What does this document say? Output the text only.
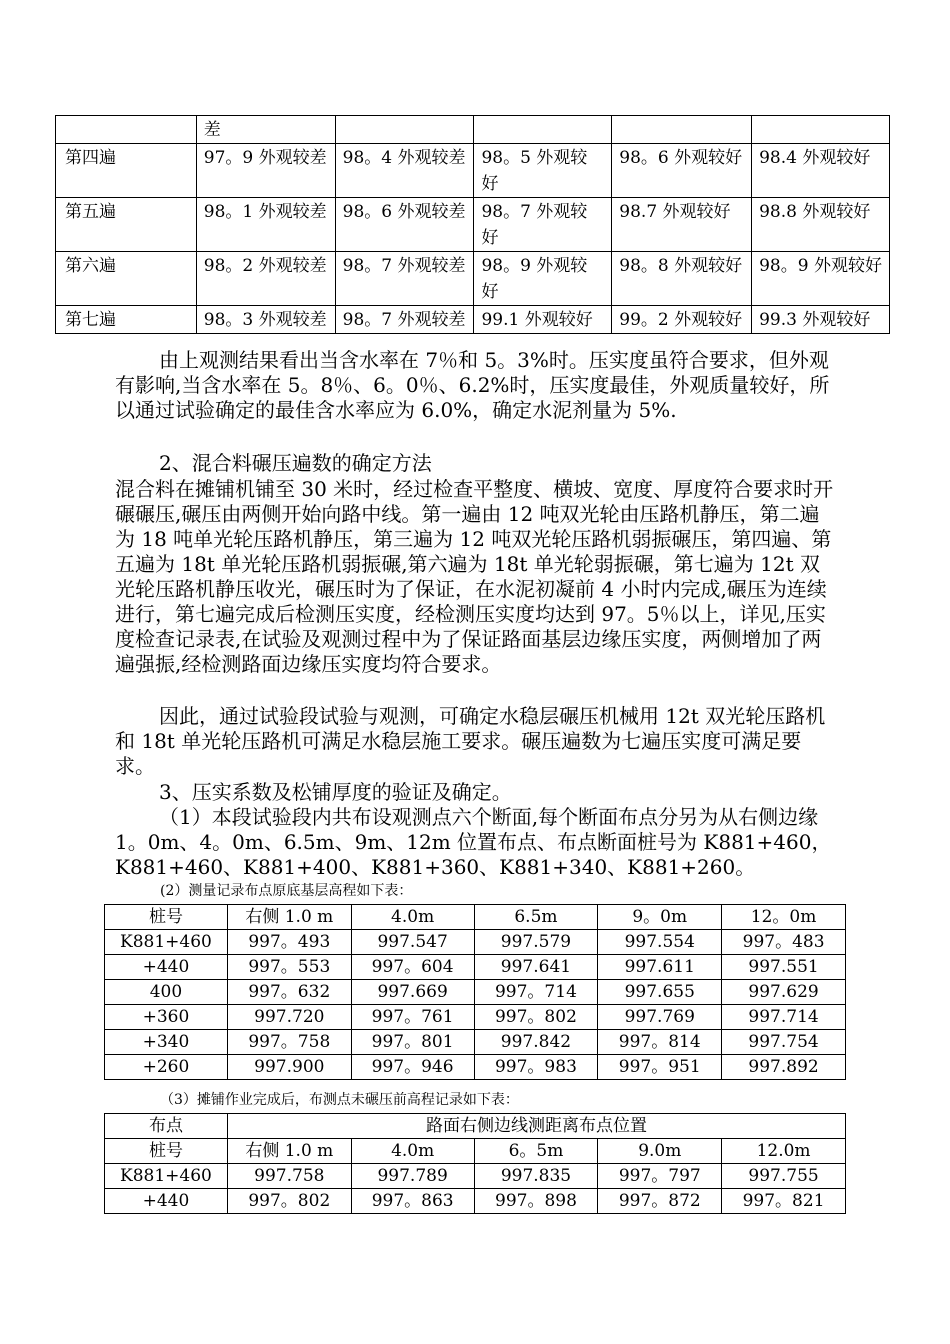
	差				
第四遍	97。9 外观较差	98。4 外观较差	98。5 外观较好	98。6 外观较好	98.4 外观较好
第五遍	98。1 外观较差	98。6 外观较差	98。7 外观较好	98.7 外观较好	98.8 外观较好
第六遍	98。2 外观较差	98。7 外观较差	98。9 外观较好	98。8 外观较好	98。9 外观较好
第七遍	98。3 外观较差	98。7 外观较差	99.1 外观较好	99。2 外观较好	99.3 外观较好
由上观测结果看出当含水率在 7％和 5。3%时。压实度虽符合要求，但外观有影响,当含水率在 5。8％、6。0％、6.2%时，压实度最佳，外观质量较好，所以通过试验确定的最佳含水率应为 6.0%，确定水泥剂量为 5%.
2、混合料碾压遍数的确定方法
混合料在摊铺机铺至 30 米时，经过检查平整度、横坡、宽度、厚度符合要求时开碾碾压,碾压由两侧开始向路中线。第一遍由 12 吨双光轮由压路机静压，第二遍为 18 吨单光轮压路机静压，第三遍为 12 吨双光轮压路机弱振碾压，第四遍、第五遍为 18t 单光轮压路机弱振碾,第六遍为 18t 单光轮弱振碾，第七遍为 12t 双光轮压路机静压收光，碾压时为了保证，在水泥初凝前 4 小时内完成,碾压为连续进行，第七遍完成后检测压实度，经检测压实度均达到 97。5％以上，详见,压实度检查记录表,在试验及观测过程中为了保证路面基层边缘压实度，两侧增加了两遍强振,经检测路面边缘压实度均符合要求。
因此，通过试验段试验与观测，可确定水稳层碾压机械用 12t 双光轮压路机和 18t 单光轮压路机可满足水稳层施工要求。碾压遍数为七遍压实度可满足要求。
3、压实系数及松铺厚度的验证及确定。
（1）本段试验段内共布设观测点六个断面,每个断面布点分另为从右侧边缘 1。0m、4。0m、6.5m、9m、12m 位置布点、布点断面桩号为 K881+460，K881+460、K881+400、K881+360、K881+340、K881+260。
(2）测量记录布点原底基层高程如下表：
桩号	右侧 1.0 m	4.0m	6.5m	9。0m	12。0m
K881+460	997。493	997.547	997.579	997.554	997。483
+440	997。553	997。604	997.641	997.611	997.551
400	997。632	997.669	997。714	997.655	997.629
+360	997.720	997。761	997。802	997.769	997.714
+340	997。758	997。801	997.842	997。814	997.754
+260	997.900	997。946	997。983	997。951	997.892
（3）摊铺作业完成后，布测点未碾压前高程记录如下表：
布点	路面右侧边线测距离布点位置				
桩号	右侧 1.0 m	4.0m	6。5m	9.0m	12.0m
K881+460	997.758	997.789	997.835	997。797	997.755
+440	997。802	997。863	997。898	997。872	997。821
